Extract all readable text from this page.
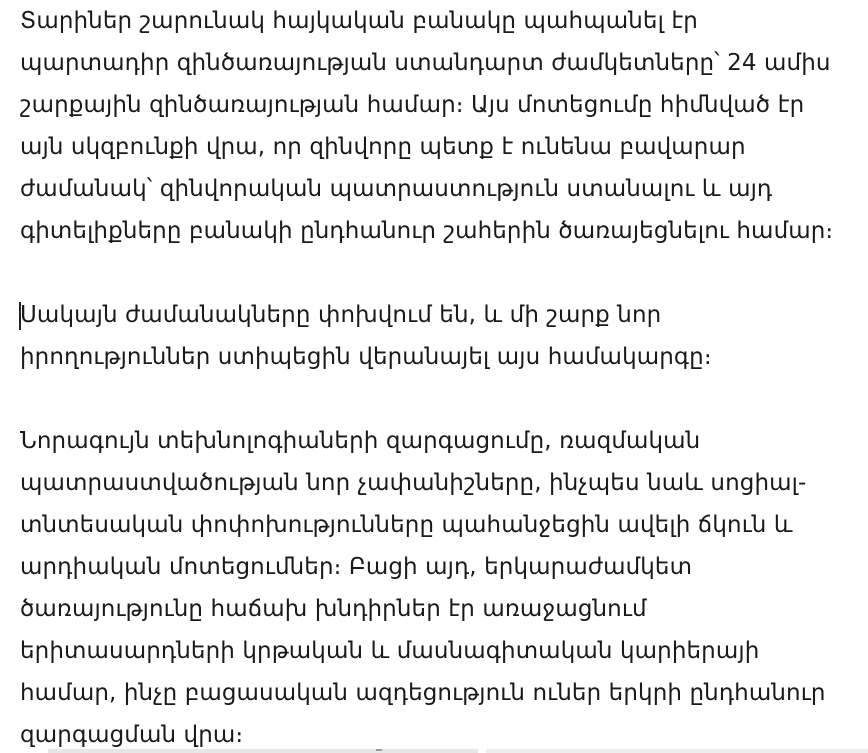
Տարիներ շարունակ հայկական բանակը պահպանել էր
պարտադիր զինծառայության ստանդարտ ժամկետները՝ 24 ամիս
շարքային զինծառայության համար։ Այս մոտեցումը հիմնված էր
այն սկզբունքի վրա, որ զինվորը պետք է ունենա բավարար
ժամանակ՝ զինվորական պատրաստություն ստանալու և այդ
գիտելիքները բանակի ընդհանուր շահերին ծառայեցնելու համար։
Սակայն ժամանակները փոխվում են, և մի շարք նոր
իրողություններ ստիպեցին վերանայել այս համակարգը։
Նորագույն տեխնոլոգիաների զարգացումը, ռազմական
պատրաստվածության նոր չափանիշները, ինչպես նաև սոցիալ-
տնտեսական փոփոխությունները պահանջեցին ավելի ճկուն և
արդիական մոտեցումներ։ Բացի այդ, երկարաժամկետ
ծառայությունը հաճախ խնդիրներ էր առաջացնում
երիտասարդների կրթական և մասնագիտական կարիերայի
համար, ինչը բացասական ազդեցություն ուներ երկրի ընդհանուր
զարգացման վրա։
